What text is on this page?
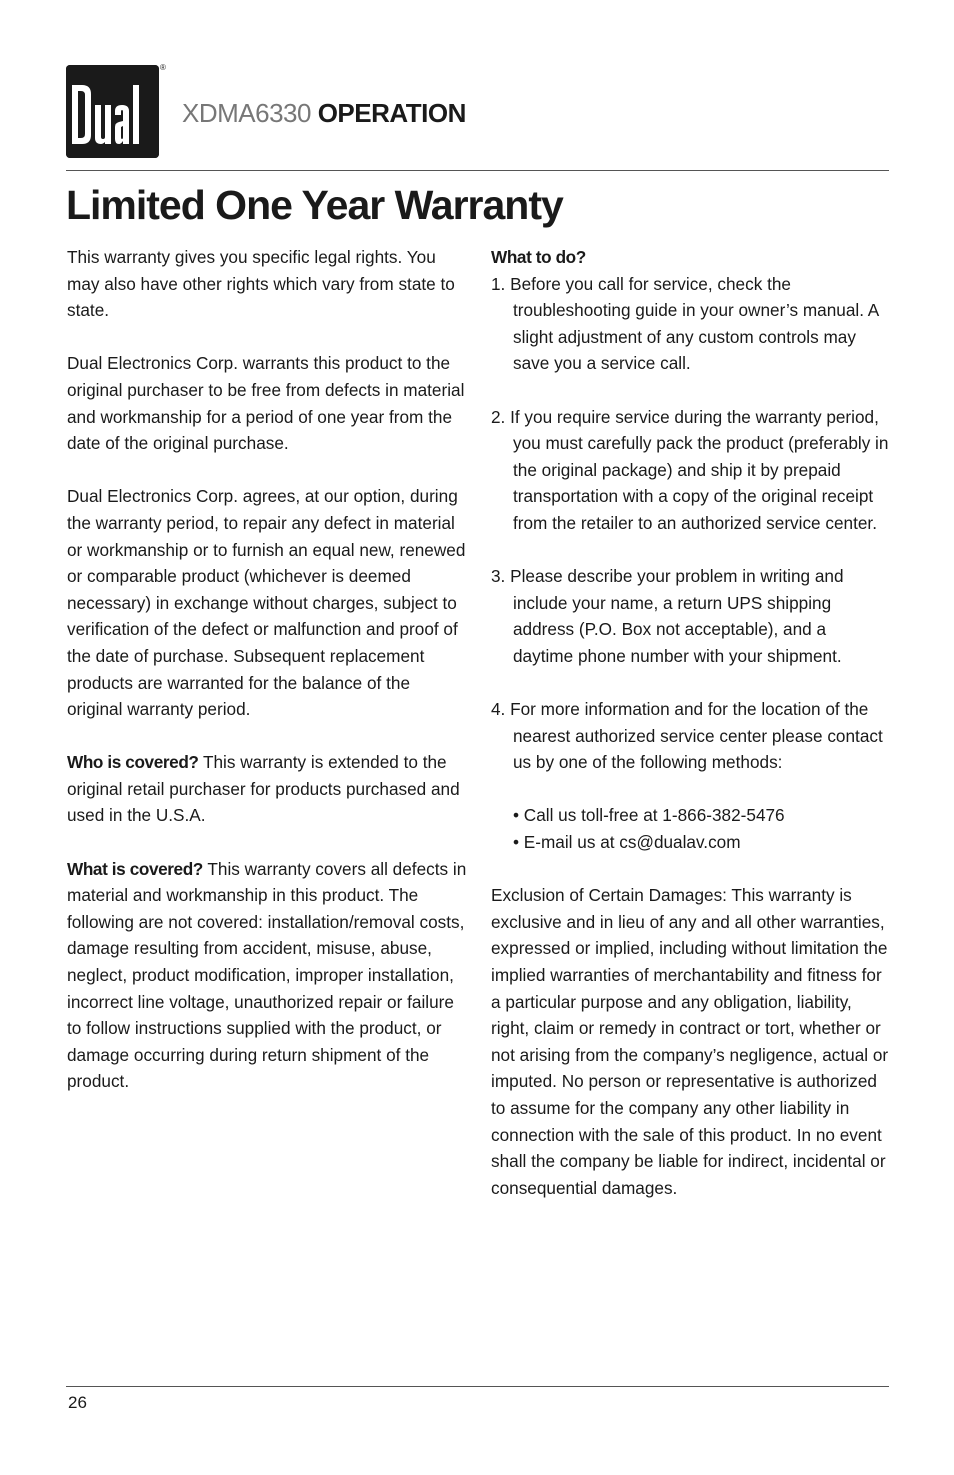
®
XDMA6330 OPERATION
Limited One Year Warranty

This warranty gives you specific legal rights. You may also have other rights which vary from state to state.

Dual Electronics Corp. warrants this product to the original purchaser to be free from defects in material and workmanship for a period of one year from the date of the original purchase.

Dual Electronics Corp. agrees, at our option, during the warranty period, to repair any defect in material or workmanship or to furnish an equal new, renewed or comparable product (whichever is deemed necessary) in exchange without charges, subject to verification of the defect or malfunction and proof of the date of purchase. Subsequent replacement products are warranted for the balance of the original warranty period.

Who is covered? This warranty is extended to the original retail purchaser for products purchased and used in the U.S.A.

What is covered? This warranty covers all defects in material and workmanship in this product. The following are not covered: installation/removal costs, damage resulting from accident, misuse, abuse, neglect, product modification, improper installation, incorrect line voltage, unauthorized repair or failure to follow instructions supplied with the product, or damage occurring during return shipment of the product.

What to do?

1. Before you call for service, check the troubleshooting guide in your owner’s manual. A slight adjustment of any custom controls may save you a service call.

2. If you require service during the warranty period, you must carefully pack the product (preferably in the original package) and ship it by prepaid transportation with a copy of the original receipt from the retailer to an authorized service center.

3. Please describe your problem in writing and include your name, a return UPS shipping address (P.O. Box not acceptable), and a daytime phone number with your shipment.

4. For more information and for the location of the nearest authorized service center please contact us by one of the following methods:

• Call us toll-free at 1-866-382-5476

• E-mail us at cs@dualav.com

Exclusion of Certain Damages: This warranty is exclusive and in lieu of any and all other warranties, expressed or implied, including without limitation the implied warranties of merchantability and fitness for a particular purpose and any obligation, liability, right, claim or remedy in contract or tort, whether or not arising from the company’s negligence, actual or imputed. No person or representative is authorized to assume for the company any other liability in connection with the sale of this product. In no event shall the company be liable for indirect, incidental or consequential damages.

26
